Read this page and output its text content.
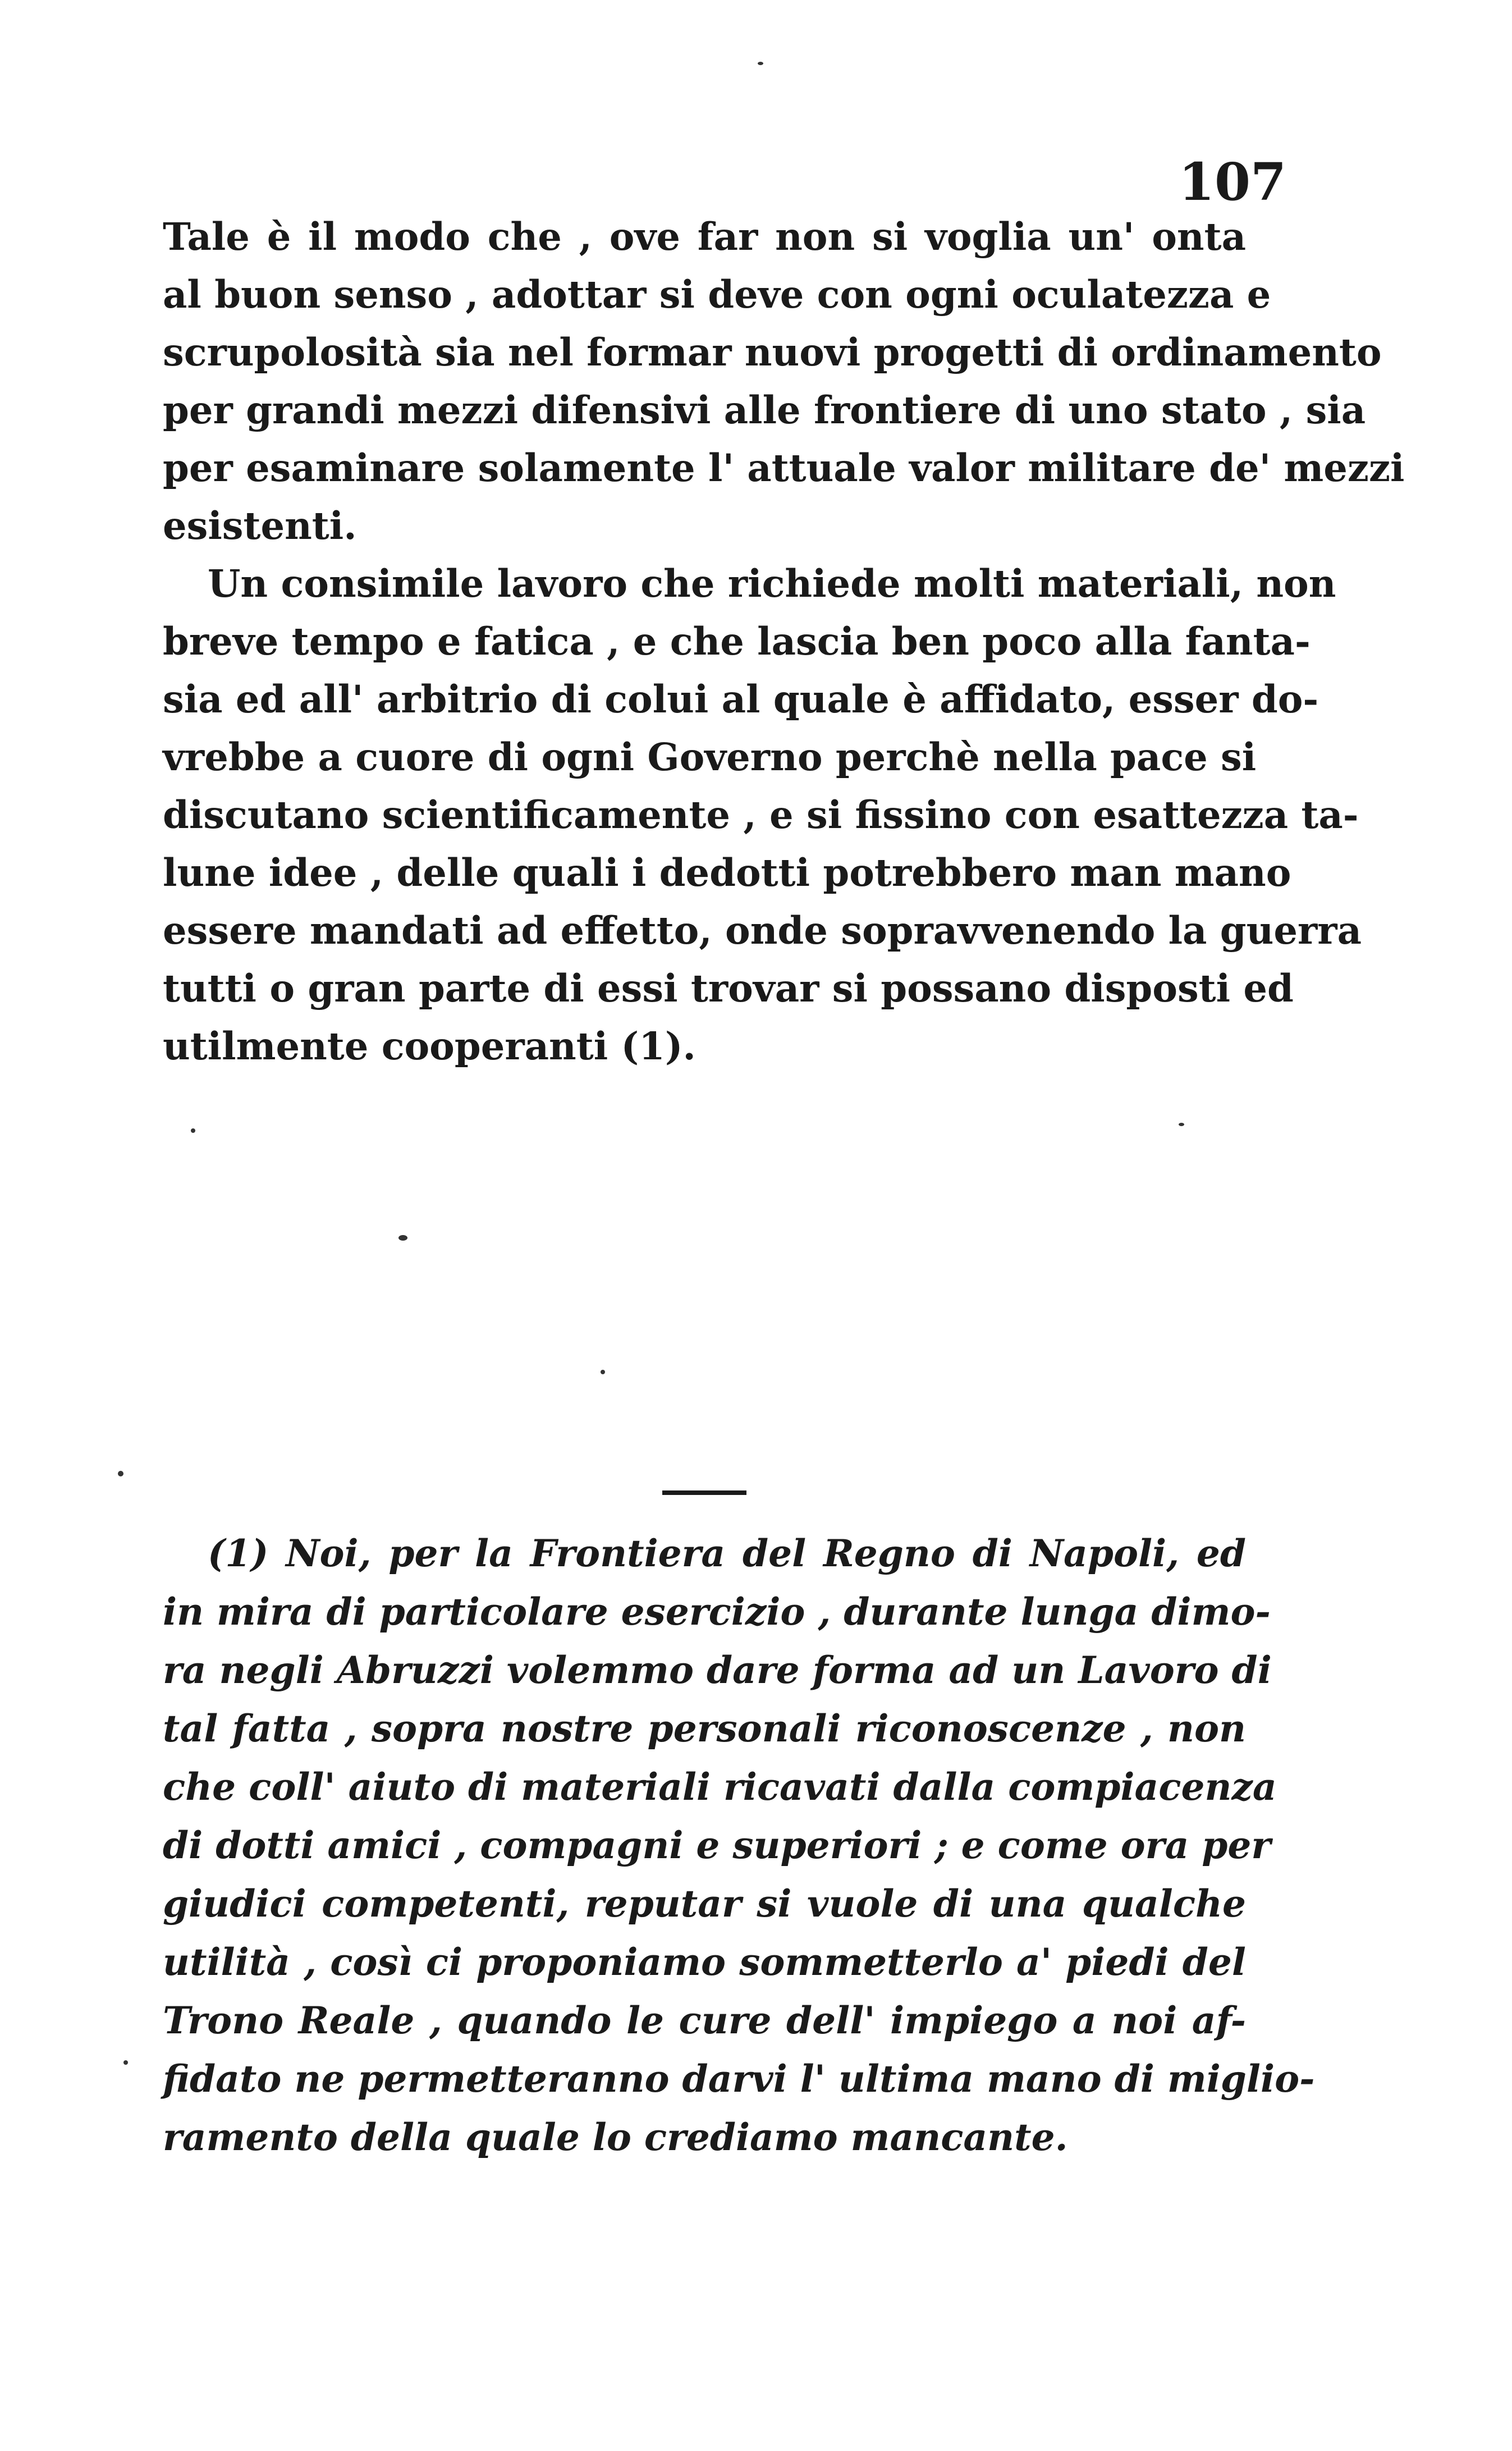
107
Tale è il modo che , ove far non si voglia un' onta
al buon senso , adottar si deve con ogni oculatezza e
scrupolosità sia nel formar nuovi progetti di ordinamento
per grandi mezzi difensivi alle frontiere di uno stato , sia
per esaminare solamente l' attuale valor militare de' mezzi
esistenti.
Un consimile lavoro che richiede molti materiali, non
breve tempo e fatica , e che lascia ben poco alla fanta-
sia ed all' arbitrio di colui al quale è affidato, esser do-
vrebbe a cuore di ogni Governo perchè nella pace si
discutano scientificamente , e si fissino con esattezza ta-
lune idee , delle quali i dedotti potrebbero man mano
essere mandati ad effetto, onde sopravvenendo la guerra
tutti o gran parte di essi trovar si possano disposti ed
utilmente cooperanti (1).
(1) Noi, per la Frontiera del Regno di Napoli, ed
in mira di particolare esercizio , durante lunga dimo-
ra negli Abruzzi volemmo dare forma ad un Lavoro di
tal fatta , sopra nostre personali riconoscenze , non
che coll' aiuto di materiali ricavati dalla compiacenza
di dotti amici , compagni e superiori ; e come ora per
giudici competenti, reputar si vuole di una qualche
utilità , così ci proponiamo sommetterlo a' piedi del
Trono Reale , quando le cure dell' impiego a noi af-
fidato ne permetteranno darvi l' ultima mano di miglio-
ramento della quale lo crediamo mancante.
